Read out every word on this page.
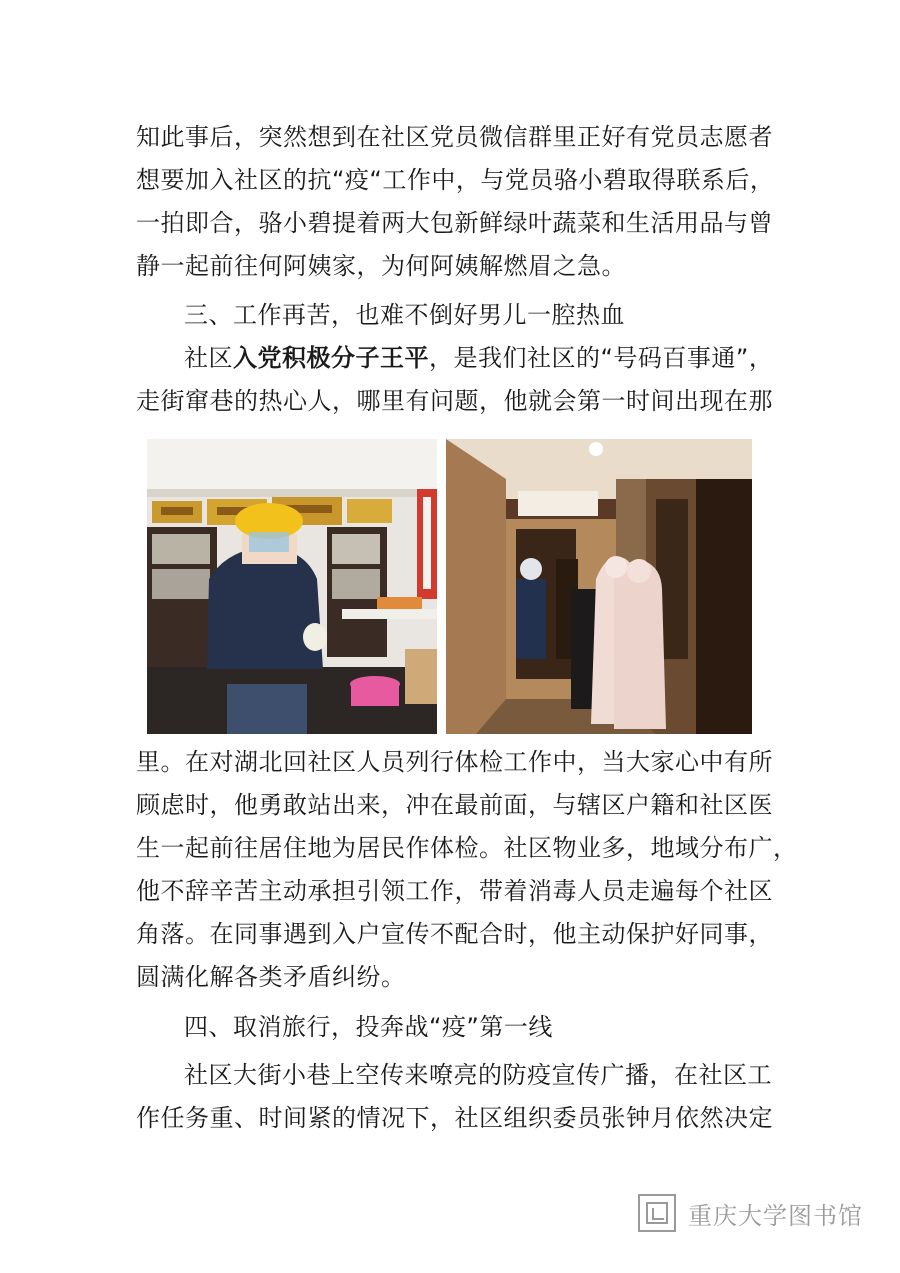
知此事后，突然想到在社区党员微信群里正好有党员志愿者
想要加入社区的抗“疫“工作中，与党员骆小碧取得联系后，
一拍即合，骆小碧提着两大包新鲜绿叶蔬菜和生活用品与曾
静一起前往何阿姨家，为何阿姨解燃眉之急。
三、工作再苦，也难不倒好男儿一腔热血
社区入党积极分子王平，是我们社区的“号码百事通”，
走街窜巷的热心人，哪里有问题，他就会第一时间出现在那
里。在对湖北回社区人员列行体检工作中，当大家心中有所
顾虑时，他勇敢站出来，冲在最前面，与辖区户籍和社区医
生一起前往居住地为居民作体检。社区物业多，地域分布广，
他不辞辛苦主动承担引领工作，带着消毒人员走遍每个社区
角落。在同事遇到入户宣传不配合时，他主动保护好同事，
圆满化解各类矛盾纠纷。
四、取消旅行，投奔战“疫”第一线
社区大街小巷上空传来嘹亮的防疫宣传广播，在社区工
作任务重、时间紧的情况下，社区组织委员张钟月依然决定
重庆大学图书馆
